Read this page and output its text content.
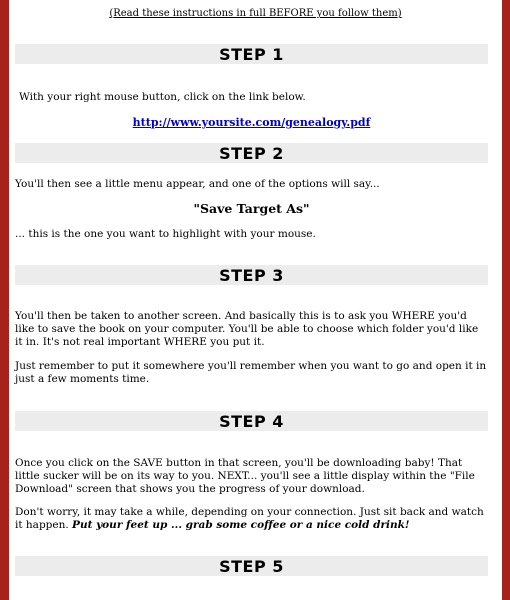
(Read these instructions in full BEFORE you follow them)
STEP 1
With your right mouse button, click on the link below.
http://www.yoursite.com/genealogy.pdf
STEP 2
You'll then see a little menu appear, and one of the options will say...
"Save Target As"
... this is the one you want to highlight with your mouse.
STEP 3
You'll then be taken to another screen. And basically this is to ask you WHERE you'd like to save the book on your computer. You'll be able to choose which folder you'd like it in. It's not real important WHERE you put it.
Just remember to put it somewhere you'll remember when you want to go and open it in just a few moments time.
STEP 4
Once you click on the SAVE button in that screen, you'll be downloading baby! That little sucker will be on its way to you. NEXT... you'll see a little display within the "File Download" screen that shows you the progress of your download.
Don't worry, it may take a while, depending on your connection. Just sit back and watch it happen. Put your feet up ... grab some coffee or a nice cold drink!
STEP 5
